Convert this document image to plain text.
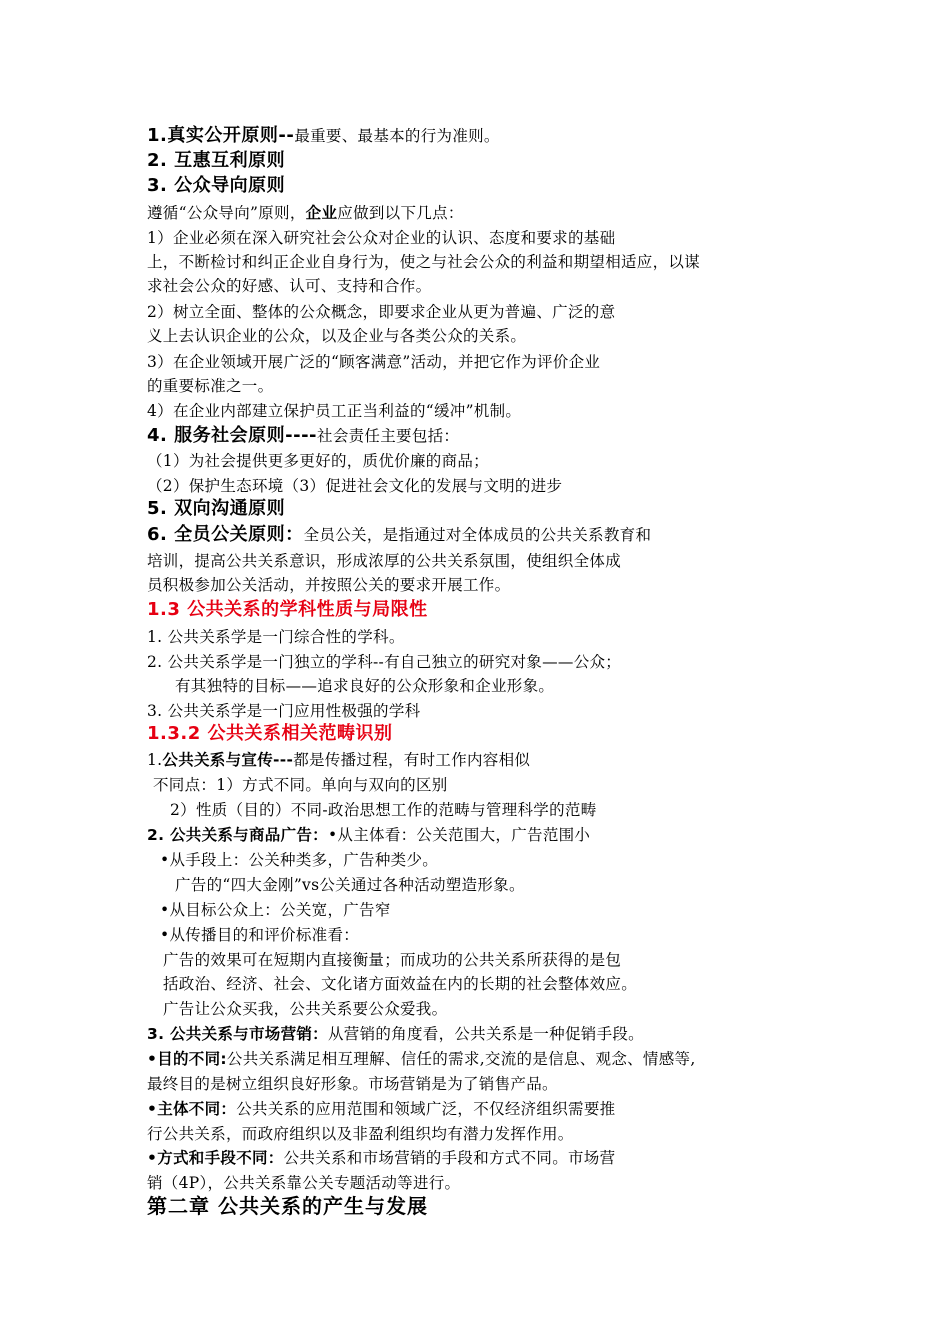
1.真实公开原则--最重要、最基本的行为准则。
2. 互惠互利原则
3. 公众导向原则
遵循“公众导向”原则，企业应做到以下几点：
1）企业必须在深入研究社会公众对企业的认识、态度和要求的基础
上，不断检讨和纠正企业自身行为，使之与社会公众的利益和期望相适应，以谋
求社会公众的好感、认可、支持和合作。
2）树立全面、整体的公众概念，即要求企业从更为普遍、广泛的意
义上去认识企业的公众，以及企业与各类公众的关系。
3）在企业领域开展广泛的“顾客满意”活动，并把它作为评价企业
的重要标准之一。
4）在企业内部建立保护员工正当利益的“缓冲”机制。
4. 服务社会原则----社会责任主要包括：
（1）为社会提供更多更好的，质优价廉的商品；
（2）保护生态环境（3）促进社会文化的发展与文明的进步
5. 双向沟通原则
6. 全员公关原则：全员公关，是指通过对全体成员的公共关系教育和
培训，提高公共关系意识，形成浓厚的公共关系氛围，使组织全体成
员积极参加公关活动，并按照公关的要求开展工作。
1.3 公共关系的学科性质与局限性
1. 公共关系学是一门综合性的学科。
2. 公共关系学是一门独立的学科--有自己独立的研究对象——公众；
有其独特的目标——追求良好的公众形象和企业形象。
3. 公共关系学是一门应用性极强的学科
1.3.2 公共关系相关范畴识别
1.公共关系与宣传---都是传播过程，有时工作内容相似
不同点：1）方式不同。单向与双向的区别
2）性质（目的）不同-政治思想工作的范畴与管理科学的范畴
2. 公共关系与商品广告：•从主体看：公关范围大，广告范围小
•从手段上：公关种类多，广告种类少。
广告的“四大金刚”vs公关通过各种活动塑造形象。
•从目标公众上：公关宽，广告窄
•从传播目的和评价标准看：
广告的效果可在短期内直接衡量；而成功的公共关系所获得的是包
括政治、经济、社会、文化诸方面效益在内的长期的社会整体效应。
广告让公众买我，公共关系要公众爱我。
3. 公共关系与市场营销：从营销的角度看，公共关系是一种促销手段。
•目的不同:公共关系满足相互理解、信任的需求,交流的是信息、观念、情感等,
最终目的是树立组织良好形象。市场营销是为了销售产品。
•主体不同：公共关系的应用范围和领域广泛，不仅经济组织需要推
行公共关系，而政府组织以及非盈利组织均有潜力发挥作用。
•方式和手段不同：公共关系和市场营销的手段和方式不同。市场营
销（4P），公共关系靠公关专题活动等进行。
第二章 公共关系的产生与发展
